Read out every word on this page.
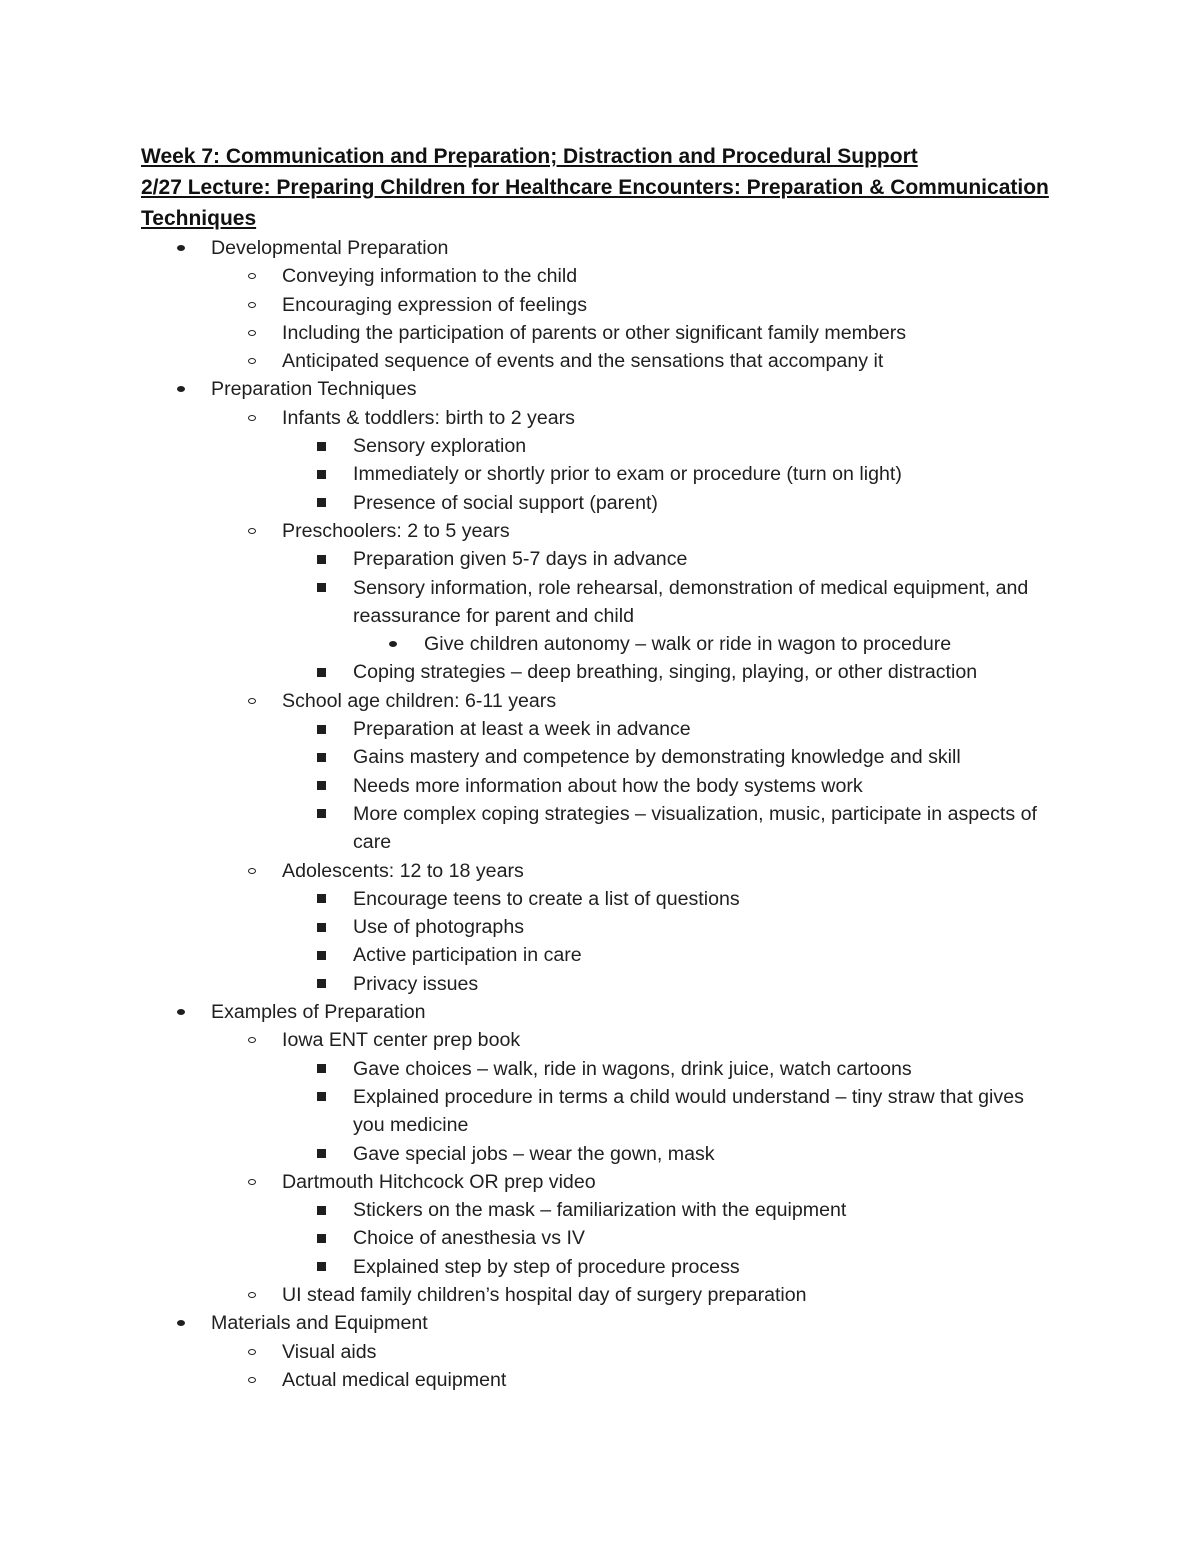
Week 7: Communication and Preparation; Distraction and Procedural Support
2/27 Lecture: Preparing Children for Healthcare Encounters: Preparation & Communication Techniques
Developmental Preparation
Conveying information to the child
Encouraging expression of feelings
Including the participation of parents or other significant family members
Anticipated sequence of events and the sensations that accompany it
Preparation Techniques
Infants & toddlers: birth to 2 years
Sensory exploration
Immediately or shortly prior to exam or procedure (turn on light)
Presence of social support (parent)
Preschoolers: 2 to 5 years
Preparation given 5-7 days in advance
Sensory information, role rehearsal, demonstration of medical equipment, and reassurance for parent and child
Give children autonomy – walk or ride in wagon to procedure
Coping strategies – deep breathing, singing, playing, or other distraction
School age children: 6-11 years
Preparation at least a week in advance
Gains mastery and competence by demonstrating knowledge and skill
Needs more information about how the body systems work
More complex coping strategies – visualization, music, participate in aspects of care
Adolescents: 12 to 18 years
Encourage teens to create a list of questions
Use of photographs
Active participation in care
Privacy issues
Examples of Preparation
Iowa ENT center prep book
Gave choices – walk, ride in wagons, drink juice, watch cartoons
Explained procedure in terms a child would understand – tiny straw that gives you medicine
Gave special jobs – wear the gown, mask
Dartmouth Hitchcock OR prep video
Stickers on the mask – familiarization with the equipment
Choice of anesthesia vs IV
Explained step by step of procedure process
UI stead family children’s hospital day of surgery preparation
Materials and Equipment
Visual aids
Actual medical equipment
